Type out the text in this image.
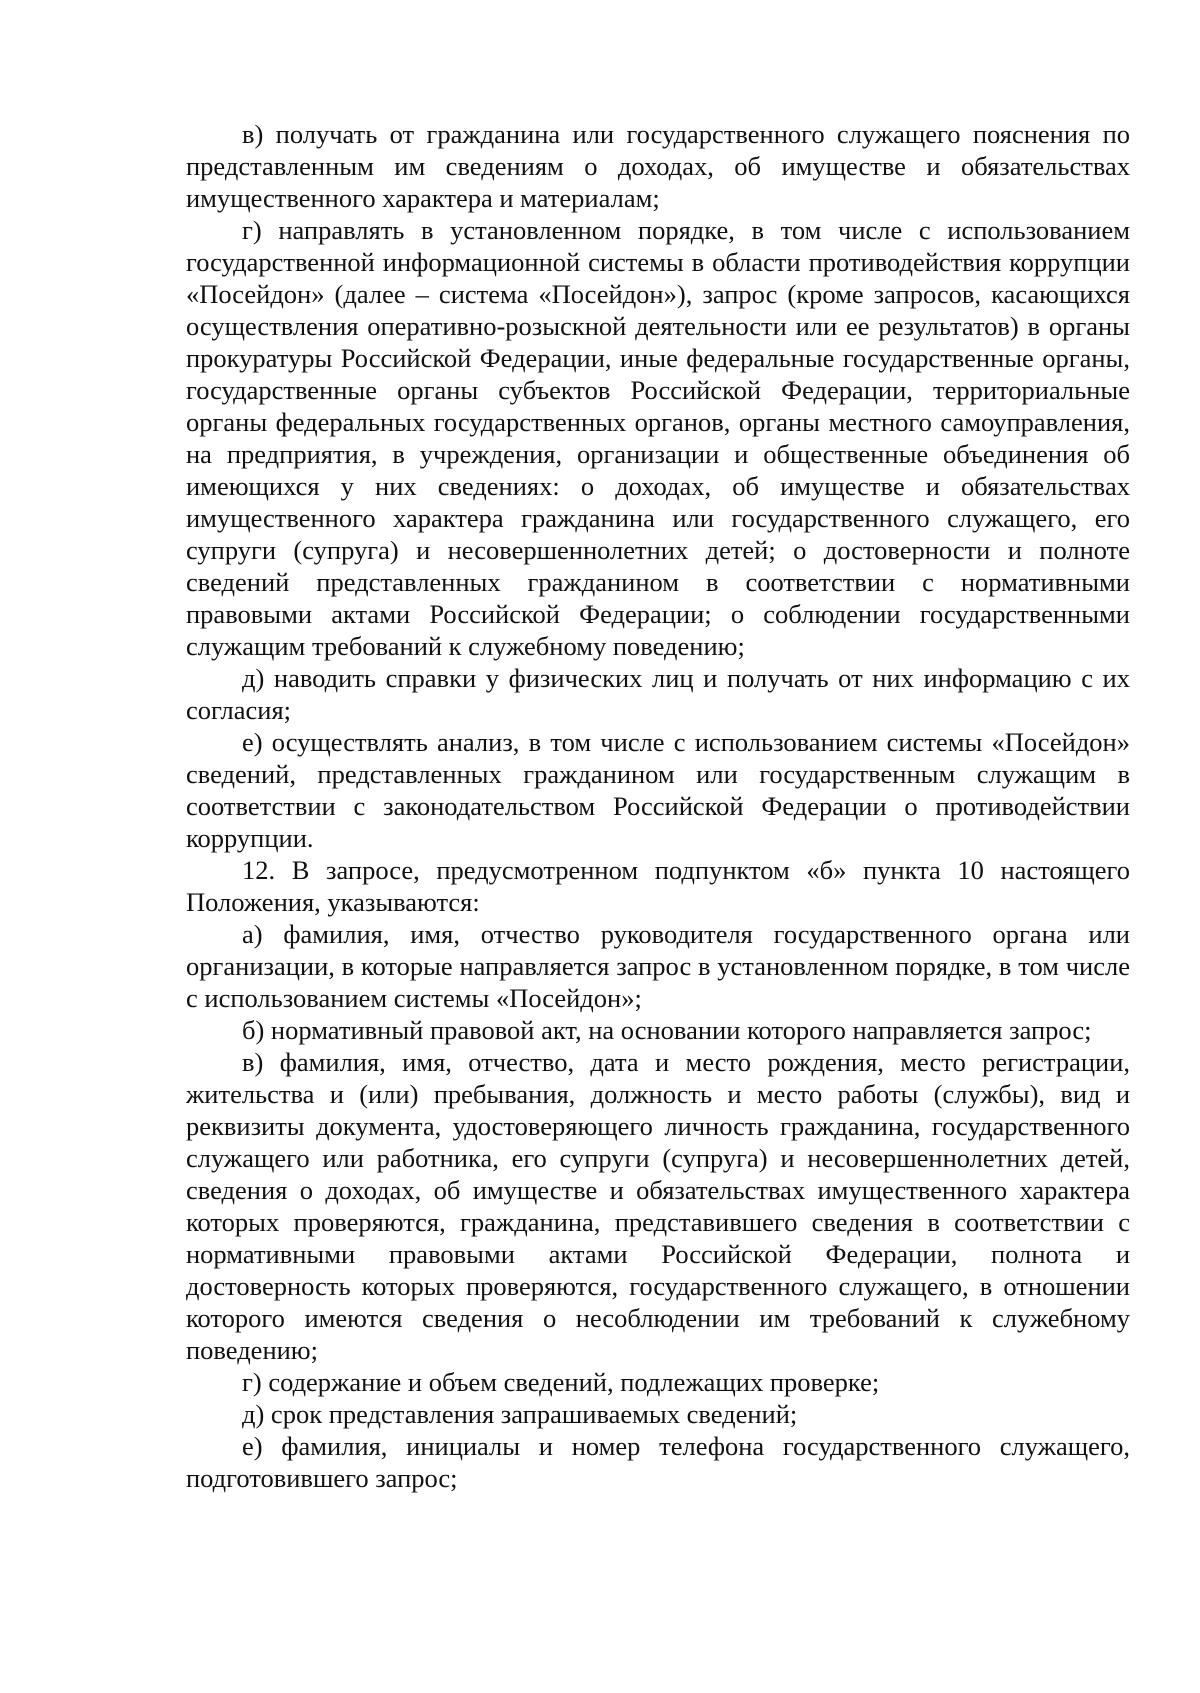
в) получать от гражданина или государственного служащего пояснения по представленным им сведениям о доходах, об имуществе и обязательствах имущественного характера и материалам;

г) направлять в установленном порядке, в том числе с использованием государственной информационной системы в области противодействия коррупции «Посейдон» (далее – система «Посейдон»), запрос (кроме запросов, касающихся осуществления оперативно-розыскной деятельности или ее результатов) в органы прокуратуры Российской Федерации, иные федеральные государственные органы, государственные органы субъектов Российской Федерации, территориальные органы федеральных государственных органов, органы местного самоуправления, на предприятия, в учреждения, организации и общественные объединения об имеющихся у них сведениях: о доходах, об имуществе и обязательствах имущественного характера гражданина или государственного служащего, его супруги (супруга) и несовершеннолетних детей; о достоверности и полноте сведений представленных гражданином в соответствии с нормативными правовыми актами Российской Федерации; о соблюдении государственными служащим требований к служебному поведению;

д) наводить справки у физических лиц и получать от них информацию с их согласия;

е) осуществлять анализ, в том числе с использованием системы «Посейдон» сведений, представленных гражданином или государственным служащим в соответствии с законодательством Российской Федерации о противодействии коррупции.

12. В запросе, предусмотренном подпунктом «б» пункта 10 настоящего Положения, указываются:

а) фамилия, имя, отчество руководителя государственного органа или организации, в которые направляется запрос в установленном порядке, в том числе с использованием системы «Посейдон»;

б) нормативный правовой акт, на основании которого направляется запрос;

в) фамилия, имя, отчество, дата и место рождения, место регистрации, жительства и (или) пребывания, должность и место работы (службы), вид и реквизиты документа, удостоверяющего личность гражданина, государственного служащего или работника, его супруги (супруга) и несовершеннолетних детей, сведения о доходах, об имуществе и обязательствах имущественного характера которых проверяются, гражданина, представившего сведения в соответствии с нормативными правовыми актами Российской Федерации, полнота и достоверность которых проверяются, государственного служащего, в отношении которого имеются сведения о несоблюдении им требований к служебному поведению;

г) содержание и объем сведений, подлежащих проверке;

д) срок представления запрашиваемых сведений;

е) фамилия, инициалы и номер телефона государственного служащего, подготовившего запрос;
